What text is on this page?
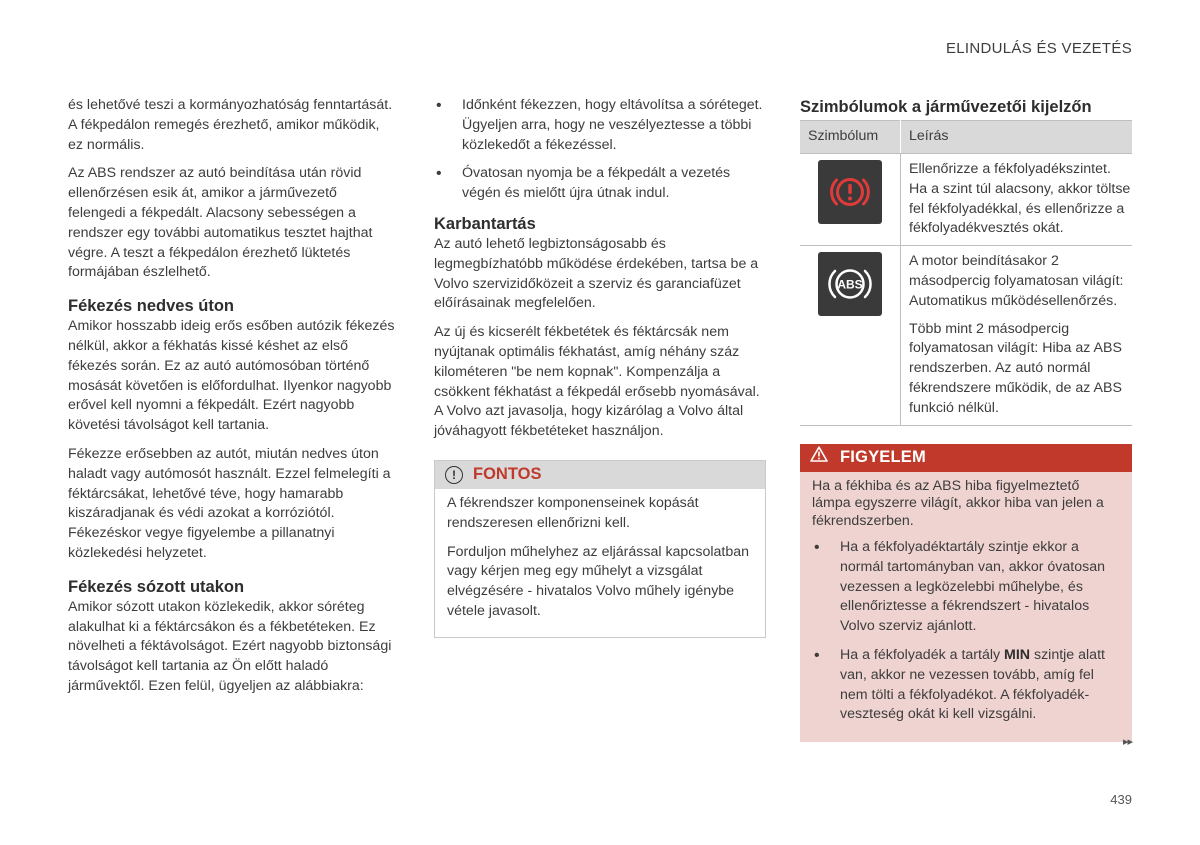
ELINDULÁS ÉS VEZETÉS

és lehetővé teszi a kormányozhatóság fenntartását. A fékpedálon remegés érezhető, amikor működik, ez normális.

Az ABS rendszer az autó beindítása után rövid ellenőrzésen esik át, amikor a járművezető felengedi a fékpedált. Alacsony sebességen a rendszer egy további automatikus tesztet hajthat végre. A teszt a fékpedálon érezhető lüktetés formájában észlelhető.

Fékezés nedves úton

Amikor hosszabb ideig erős esőben autózik fékezés nélkül, akkor a fékhatás kissé késhet az első fékezés során. Ez az autó autómosóban történő mosását követően is előfordulhat. Ilyenkor nagyobb erővel kell nyomni a fékpedált. Ezért nagyobb követési távolságot kell tartania.

Fékezze erősebben az autót, miután nedves úton haladt vagy autómosót használt. Ezzel felmelegíti a féktárcsákat, lehetővé téve, hogy hamarabb kiszáradjanak és védi azokat a korróziótól. Fékezéskor vegye figyelembe a pillanatnyi közlekedési helyzetet.

Fékezés sózott utakon

Amikor sózott utakon közlekedik, akkor sóréteg alakulhat ki a féktárcsákon és a fékbetéteken. Ez növelheti a féktávolságot. Ezért nagyobb biztonsági távolságot kell tartania az Ön előtt haladó járművektől. Ezen felül, ügyeljen az alábbiakra:

• Időnként fékezzen, hogy eltávolítsa a sóréteget. Ügyeljen arra, hogy ne veszélyeztesse a többi közlekedőt a fékezéssel.
• Óvatosan nyomja be a fékpedált a vezetés végén és mielőtt újra útnak indul.
Karbantartás

Az autó lehető legbiztonságosabb és legmegbízhatóbb működése érdekében, tartsa be a Volvo szervizidőközeit a szerviz és garanciafüzet előírásainak megfelelően.

Az új és kicserélt fékbetétek és féktárcsák nem nyújtanak optimális fékhatást, amíg néhány száz kilométeren "be nem kopnak". Kompenzálja a csökkent fékhatást a fékpedál erősebb nyomásával. A Volvo azt javasolja, hogy kizárólag a Volvo által jóváhagyott fékbetéteket használjon.

!	FONTOS

A fékrendszer komponenseinek kopását rendszeresen ellenőrizni kell.

Forduljon műhelyhez az eljárással kapcsolatban vagy kérjen meg egy műhelyt a vizsgálat elvégzésére - hivatalos Volvo műhely igénybe vétele javasolt.

Szimbólumok a járművezetői kijelzőn
Szimbólum	Leírás

Ellenőrizze a fékfolyadékszintet. Ha a szint túl alacsony, akkor töltse fel fékfolyadékkal, és ellenőrizze a fékfolyadékvesztés okát.

ABS	A motor beindításakor 2 másodpercig folyamatosan világít: Automatikus működésellenőrzés.

Több mint 2 másodpercig folyamatosan világít: Hiba az ABS rendszerben. Az autó normál fékrendszere működik, de az ABS funkció nélkül.

FIGYELEM

Ha a fékhiba és az ABS hiba figyelmeztető lámpa egyszerre világít, akkor hiba van jelen a fékrendszerben.

• Ha a fékfolyadéktartály szintje ekkor a normál tartományban van, akkor óvatosan vezessen a legközelebbi műhelybe, és ellenőriztesse a fékrendszert - hivatalos Volvo szerviz ajánlott.
• Ha a fékfolyadék a tartály MIN szintje alatt van, akkor ne vezessen tovább, amíg fel nem tölti a fékfolyadékot. A fékfolyadék-veszteség okát ki kell vizsgálni.
▸▸
439
